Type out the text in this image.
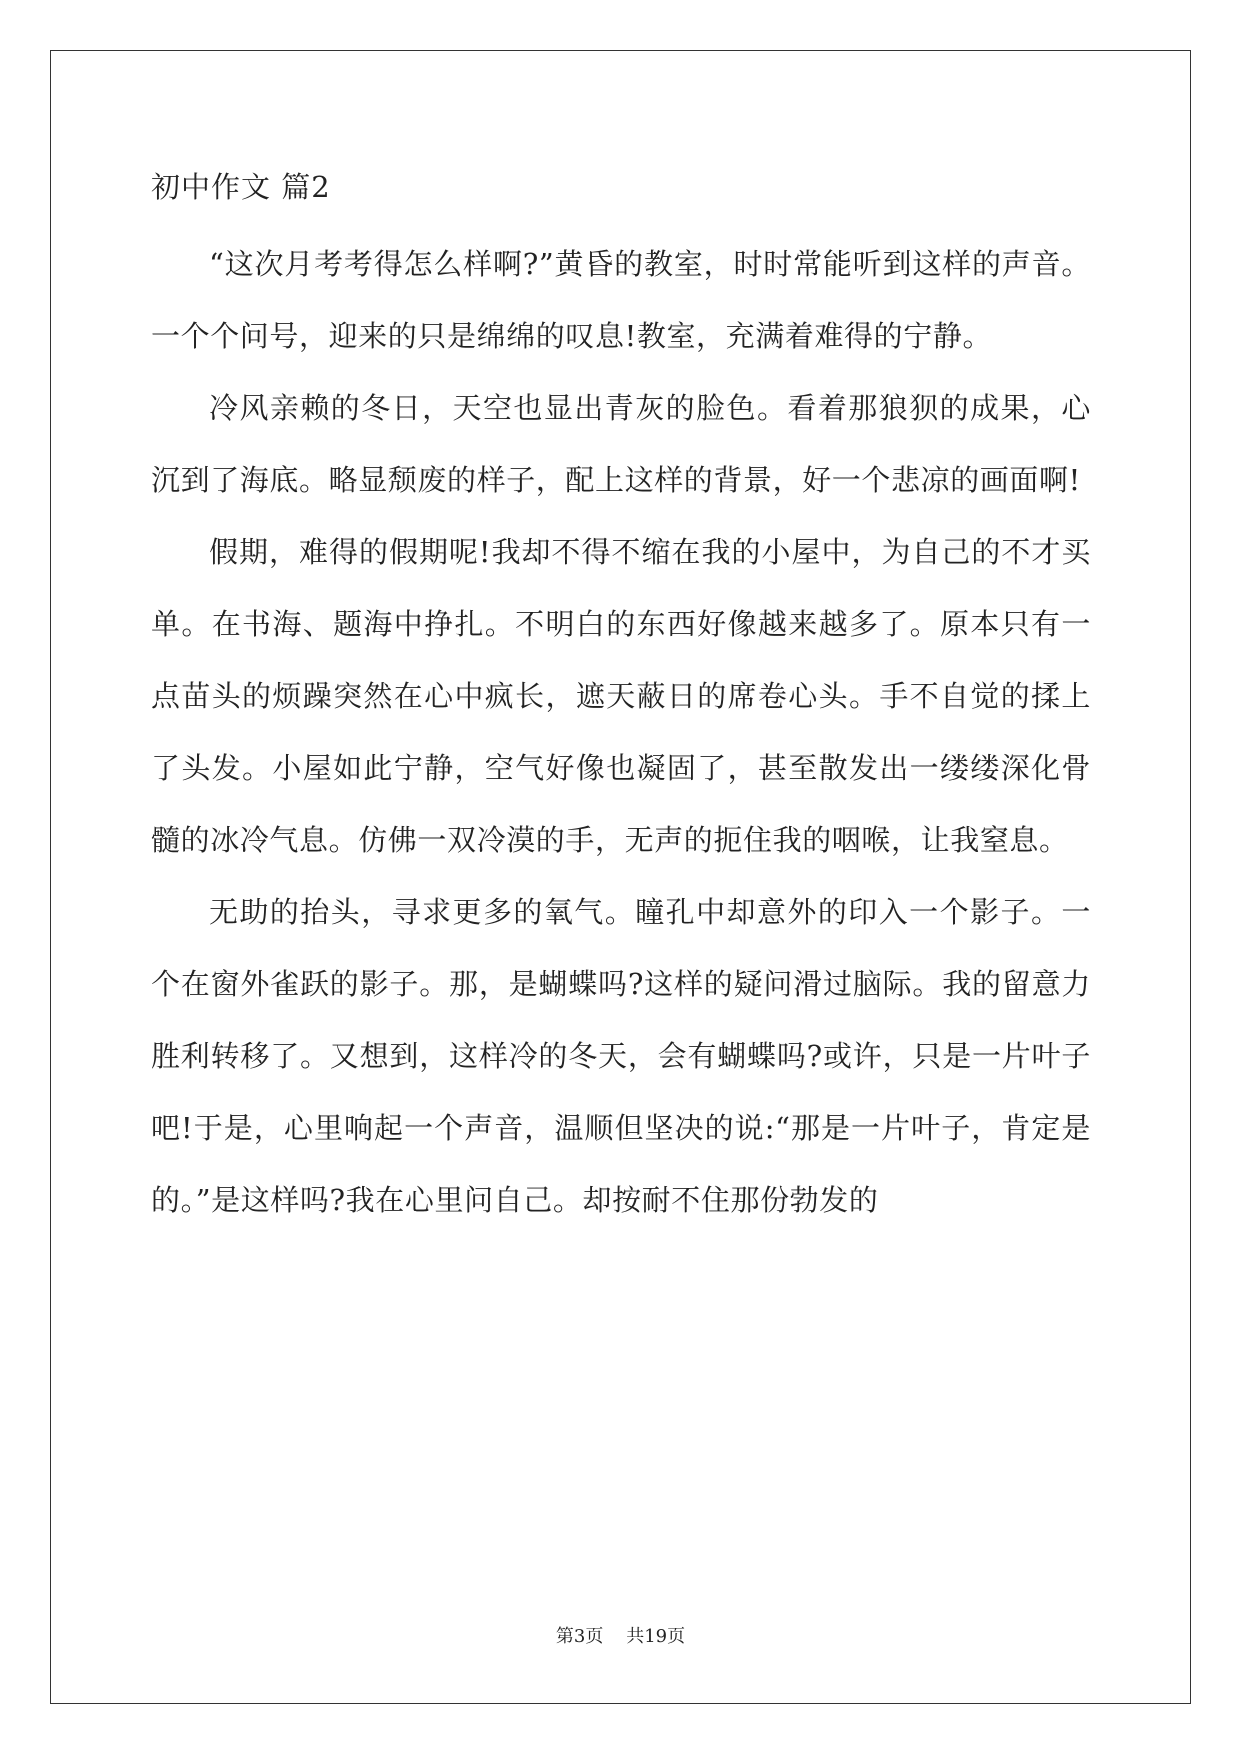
初中作文 篇2

“这次月考考得怎么样啊?”黄昏的教室，时时常能听到这样的声音。一个个问号，迎来的只是绵绵的叹息!教室，充满着难得的宁静。

冷风亲赖的冬日，天空也显出青灰的脸色。看着那狼狈的成果，心沉到了海底。略显颓废的样子，配上这样的背景，好一个悲凉的画面啊!

假期，难得的假期呢!我却不得不缩在我的小屋中，为自己的不才买单。在书海、题海中挣扎。不明白的东西好像越来越多了。原本只有一点苗头的烦躁突然在心中疯长，遮天蔽日的席卷心头。手不自觉的揉上了头发。小屋如此宁静，空气好像也凝固了，甚至散发出一缕缕深化骨髓的冰冷气息。仿佛一双冷漠的手，无声的扼住我的咽喉，让我窒息。

无助的抬头，寻求更多的氧气。瞳孔中却意外的印入一个影子。一个在窗外雀跃的影子。那，是蝴蝶吗?这样的疑问滑过脑际。我的留意力胜利转移了。又想到，这样冷的冬天，会有蝴蝶吗?或许，只是一片叶子吧!于是，心里响起一个声音，温顺但坚决的说:“那是一片叶子，肯定是的。”是这样吗?我在心里问自己。却按耐不住那份勃发的

第3页    共19页
